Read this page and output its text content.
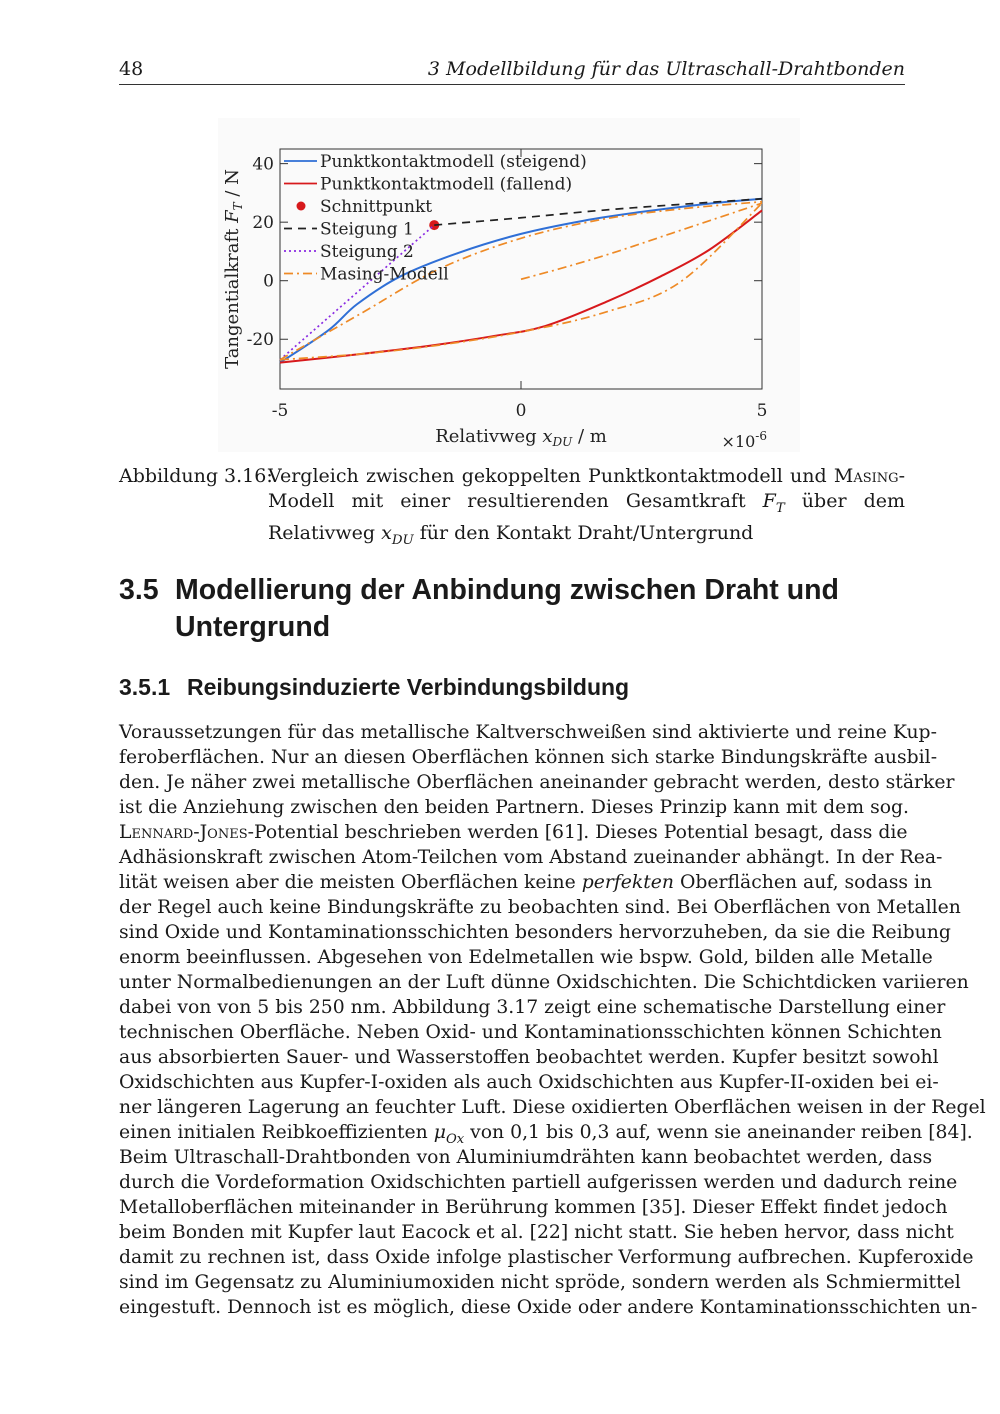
48	3 Modellbildung für das Ultraschall-Drahtbonden
-5	0	5
40
20
0
-20
Relativweg $x_{DU}$ / m	$\times 10^{-6}$
Tangentialkraft $F_T$ / N
Punktkontaktmodell (steigend)
Punktkontaktmodell (fallend)
Schnittpunkt
Steigung 1
Steigung 2
Masing-Modell
Abbildung 3.16:
Vergleich zwischen gekoppelten Punktkontaktmodell und Masing-Modell mit einer resultierenden Gesamtkraft $F_T$ über dem Relativweg $x_{DU}$ für den Kontakt Draht/Untergrund
3.5 Modellierung der Anbindung zwischen Draht und Untergrund
3.5.1 Reibungsinduzierte Verbindungsbildung
Voraussetzungen für das metallische Kaltverschweißen sind aktivierte und reine Kup-
feroberflächen. Nur an diesen Oberflächen können sich starke Bindungskräfte ausbil-
den. Je näher zwei metallische Oberflächen aneinander gebracht werden, desto stärker
ist die Anziehung zwischen den beiden Partnern. Dieses Prinzip kann mit dem sog.
Lennard-Jones-Potential beschrieben werden [61]. Dieses Potential besagt, dass die
Adhäsionskraft zwischen Atom-Teilchen vom Abstand zueinander abhängt. In der Rea-
lität weisen aber die meisten Oberflächen keine perfekten Oberflächen auf, sodass in
der Regel auch keine Bindungskräfte zu beobachten sind. Bei Oberflächen von Metallen
sind Oxide und Kontaminationsschichten besonders hervorzuheben, da sie die Reibung
enorm beeinflussen. Abgesehen von Edelmetallen wie bspw. Gold, bilden alle Metalle
unter Normalbedienungen an der Luft dünne Oxidschichten. Die Schichtdicken variieren
dabei von von 5 bis 250 nm. Abbildung 3.17 zeigt eine schematische Darstellung einer
technischen Oberfläche. Neben Oxid- und Kontaminationsschichten können Schichten
aus absorbierten Sauer- und Wasserstoffen beobachtet werden. Kupfer besitzt sowohl
Oxidschichten aus Kupfer-I-oxiden als auch Oxidschichten aus Kupfer-II-oxiden bei ei-
ner längeren Lagerung an feuchter Luft. Diese oxidierten Oberflächen weisen in der Regel
einen initialen Reibkoeffizienten $\mu_{Ox}$ von 0,1 bis 0,3 auf, wenn sie aneinander reiben [84].
Beim Ultraschall-Drahtbonden von Aluminiumdrähten kann beobachtet werden, dass
durch die Vordeformation Oxidschichten partiell aufgerissen werden und dadurch reine
Metalloberflächen miteinander in Berührung kommen [35]. Dieser Effekt findet jedoch
beim Bonden mit Kupfer laut Eacock et al. [22] nicht statt. Sie heben hervor, dass nicht
damit zu rechnen ist, dass Oxide infolge plastischer Verformung aufbrechen. Kupferoxide
sind im Gegensatz zu Aluminiumoxiden nicht spröde, sondern werden als Schmiermittel
eingestuft. Dennoch ist es möglich, diese Oxide oder andere Kontaminationsschichten un-
